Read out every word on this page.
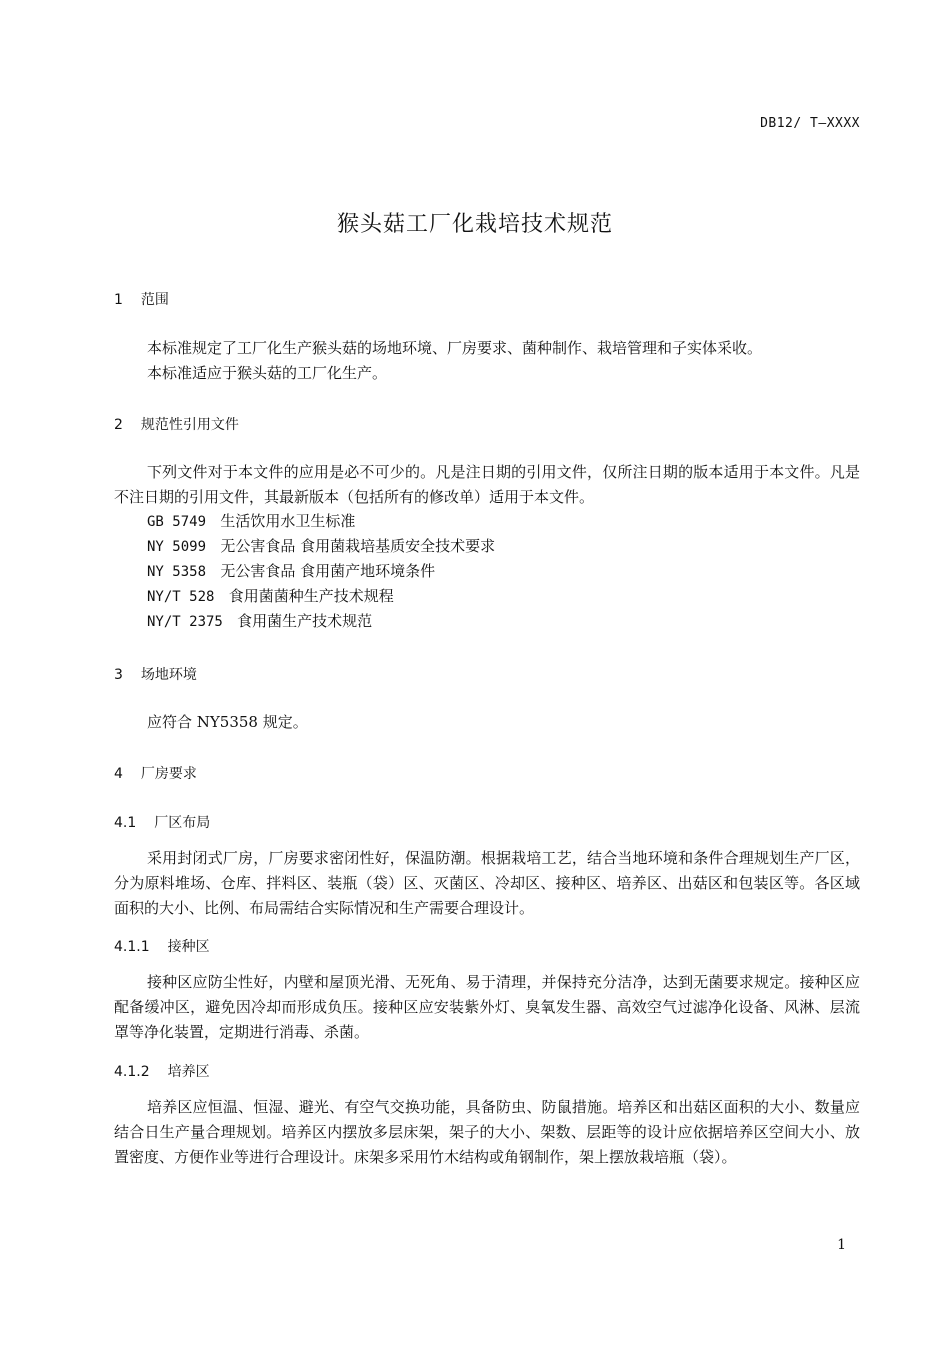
DB12/ T—XXXX
猴头菇工厂化栽培技术规范
1 范围
本标准规定了工厂化生产猴头菇的场地环境、厂房要求、菌种制作、栽培管理和子实体采收。
本标准适应于猴头菇的工厂化生产。
2 规范性引用文件
下列文件对于本文件的应用是必不可少的。凡是注日期的引用文件，仅所注日期的版本适用于本文件。凡是不注日期的引用文件，其最新版本（包括所有的修改单）适用于本文件。
GB 5749 生活饮用水卫生标准
NY 5099 无公害食品 食用菌栽培基质安全技术要求
NY 5358 无公害食品 食用菌产地环境条件
NY/T 528 食用菌菌种生产技术规程
NY/T 2375 食用菌生产技术规范
3 场地环境
应符合 NY5358 规定。
4 厂房要求
4.1 厂区布局
采用封闭式厂房，厂房要求密闭性好，保温防潮。根据栽培工艺，结合当地环境和条件合理规划生产厂区，分为原料堆场、仓库、拌料区、装瓶（袋）区、灭菌区、冷却区、接种区、培养区、出菇区和包装区等。各区域面积的大小、比例、布局需结合实际情况和生产需要合理设计。
4.1.1 接种区
接种区应防尘性好，内壁和屋顶光滑、无死角、易于清理，并保持充分洁净，达到无菌要求规定。接种区应配备缓冲区，避免因冷却而形成负压。接种区应安装紫外灯、臭氧发生器、高效空气过滤净化设备、风淋、层流罩等净化装置，定期进行消毒、杀菌。
4.1.2 培养区
培养区应恒温、恒湿、避光、有空气交换功能，具备防虫、防鼠措施。培养区和出菇区面积的大小、数量应结合日生产量合理规划。培养区内摆放多层床架，架子的大小、架数、层距等的设计应依据培养区空间大小、放置密度、方便作业等进行合理设计。床架多采用竹木结构或角钢制作，架上摆放栽培瓶（袋）。
1
